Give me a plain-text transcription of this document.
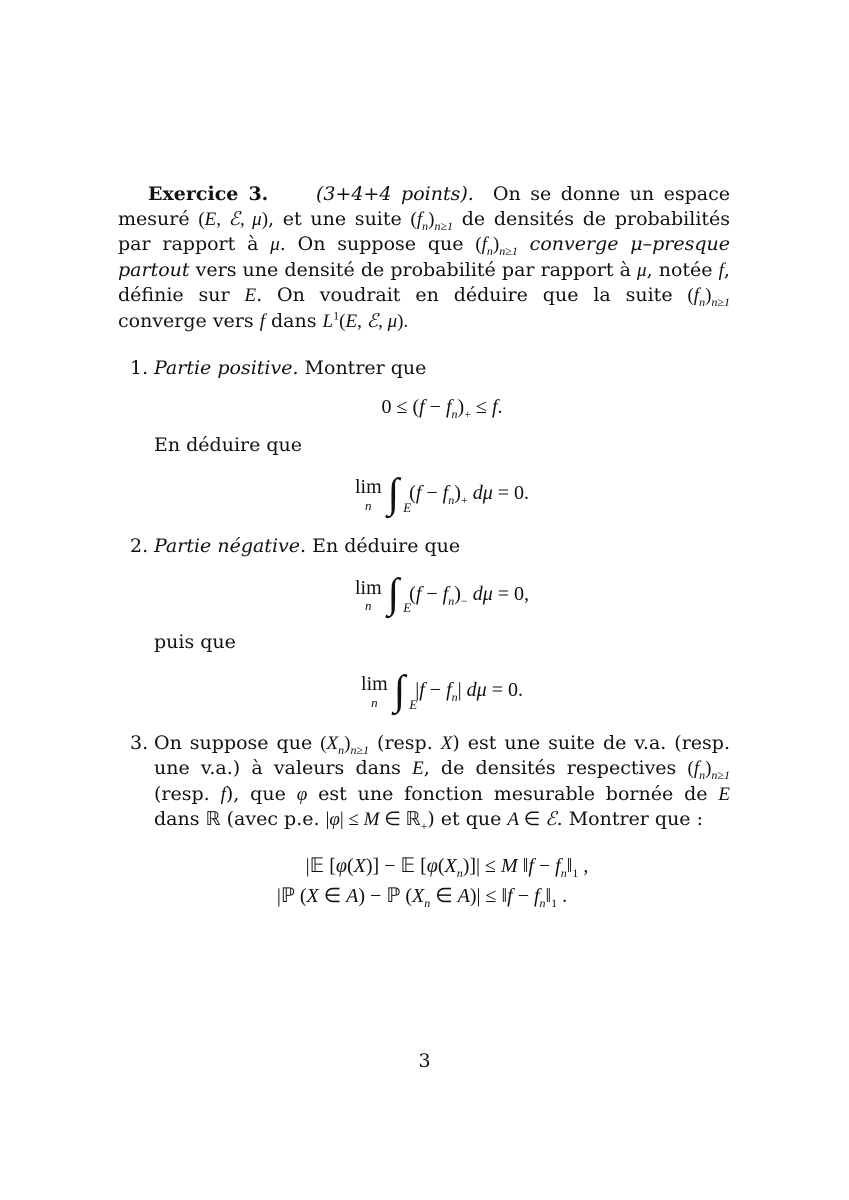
Exercice 3.	(3+4+4 points). On se donne un espace mesuré (E, ℰ, μ), et une suite $(f_n)_{n\ge 1}$ de densités de probabilités par rapport à μ. On suppose que $(f_n)_{n\ge 1}$ converge μ–presque partout vers une densité de probabilité par rapport à μ, notée f, définie sur E. On voudrait en déduire que la suite $(f_n)_{n\ge 1}$ converge vers f dans $L^1(E$, ℰ, μ).

1. Partie positive. Montrer que

$0 \le (f - f_n)_+ \le f$.

En déduire que

lim
n ∫ E
$(f - f_n)_+$ dμ = 0.
2. Partie négative. En déduire que

lim
n ∫ E
$(f - f_n)_-$ dμ = 0,

puis que

lim
n ∫ E
$|f - f_n|$ dμ = 0.
3. On suppose que $(X_n)_{n\ge 1}$ (resp. X) est une suite de v.a. (resp. une v.a.) à valeurs dans E, de densités respectives $(f_n)_{n\ge 1}$ (resp. f), que φ est une fonction mesurable bornée de E dans ℝ (avec p.e. |φ| ≤ M ∈ ℝ$_+$) et que A ∈ ℰ. Montrer que :

|𝔼 [φ(X)] − 𝔼 $[\varphi(X_n)]| \le M$ ‖f − $f_n‖_1$ ,
|ℙ (X ∈ A) − ℙ ($X_n$ ∈ A)| ≤ ‖f − $f_n‖_1$ .
3
